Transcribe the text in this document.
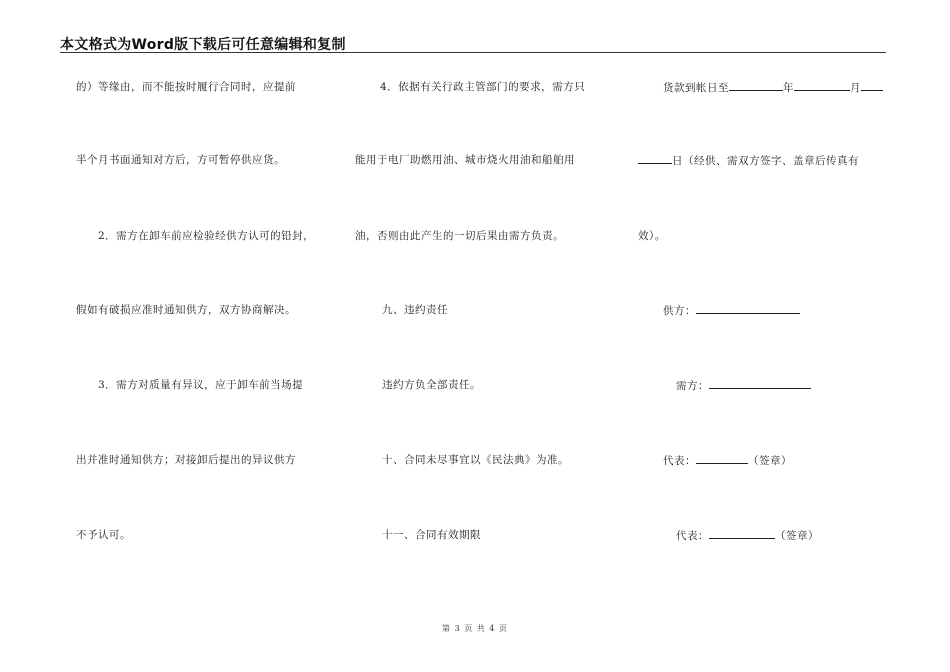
本文格式为Word版下载后可任意编辑和复制
的）等缘由，而不能按时履行合同时，应提前
半个月书面通知对方后，方可暂停供应货。
2．需方在卸车前应检验经供方认可的铅封，
假如有破损应准时通知供方，双方协商解决。
3．需方对质量有异议，应于卸车前当场提
出并准时通知供方；对接卸后提出的异议供方
不予认可。
4．依据有关行政主管部门的要求，需方只
能用于电厂助燃用油、城市烧火用油和船舶用
油，否则由此产生的一切后果由需方负责。
九、违约责任
违约方负全部责任。
十、合同未尽事宜以《民法典》为准。
十一、合同有效期限
货款到帐日至	年	月
日（经供、需双方签字、盖章后传真有
效）。
供方：
需方：
代表：	（签章）
代表：	（签章）
第 3 页 共 4 页
